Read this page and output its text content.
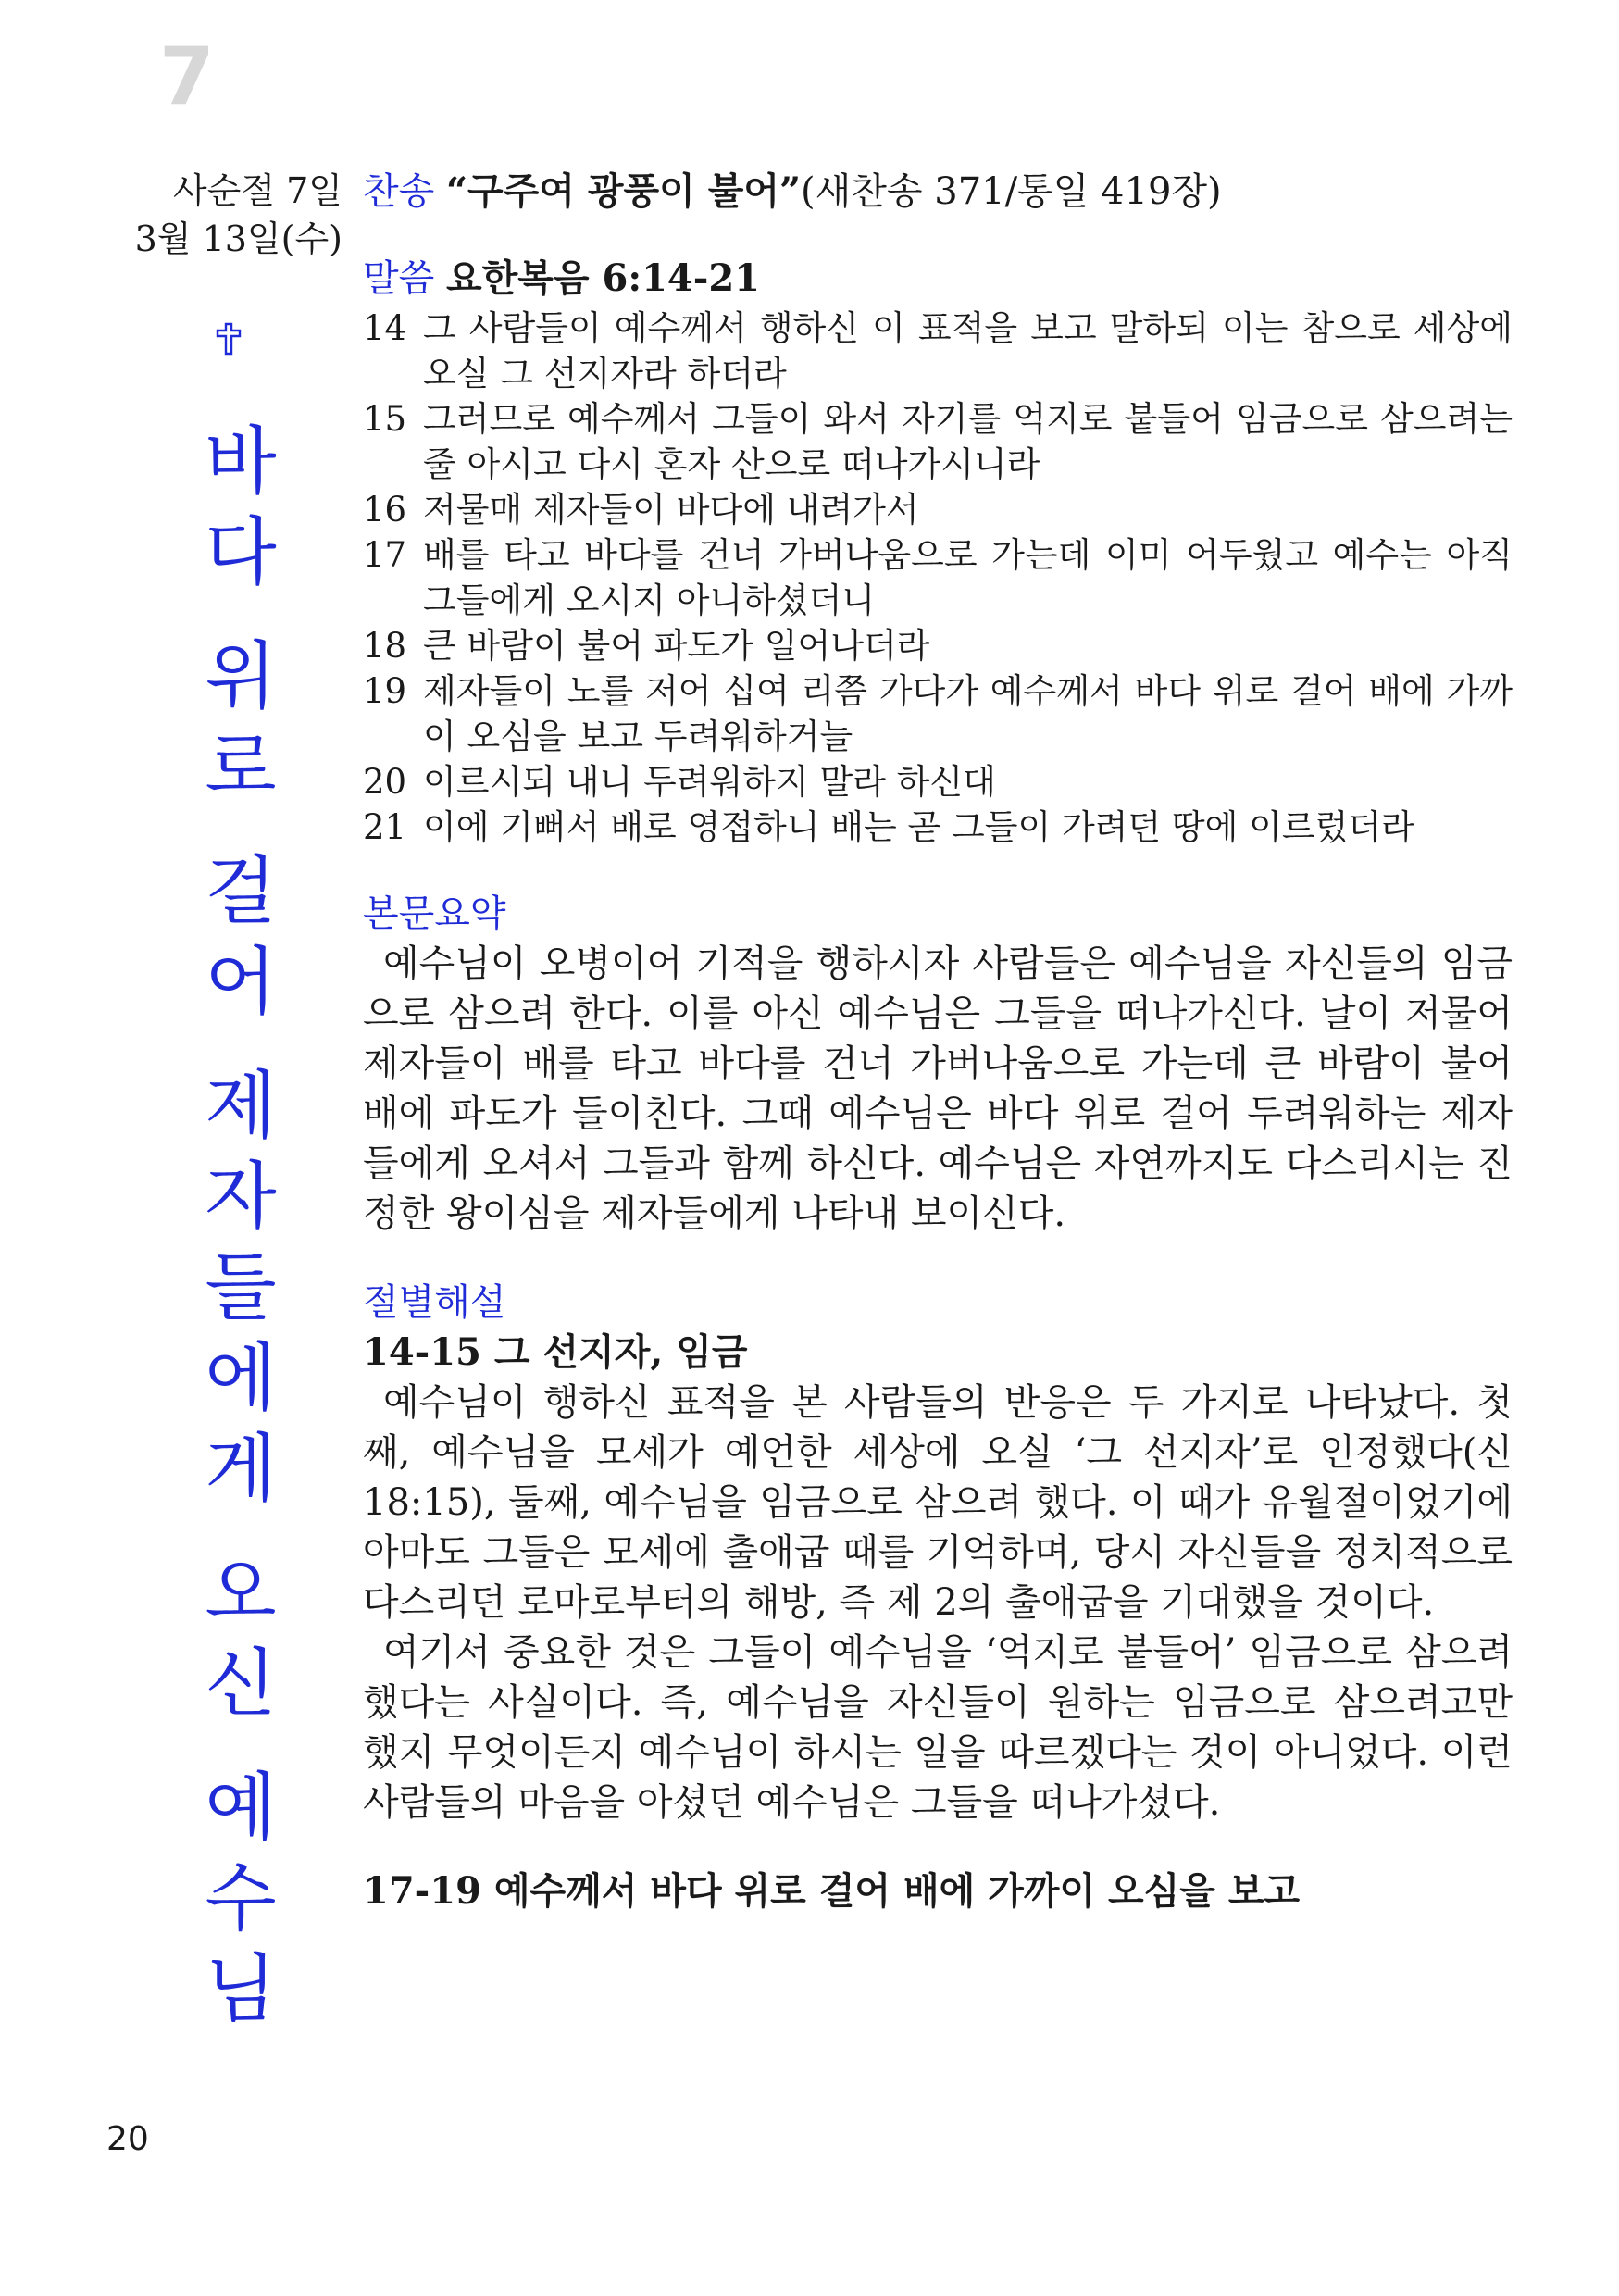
7
사순절 7일
3월 13일(수)
바
다
위
로
걸
어
제
자
들
에
게
오
신
예
수
님

찬송 “구주여 광풍이 불어”(새찬송 371/통일 419장)

말씀 요한복음 6:14-21
14 그 사람들이 예수께서 행하신 이 표적을 보고 말하되 이는 참으로 세상에 오실 그 선지자라 하더라
15 그러므로 예수께서 그들이 와서 자기를 억지로 붙들어 임금으로 삼으려는 줄 아시고 다시 혼자 산으로 떠나가시니라
16 저물매 제자들이 바다에 내려가서
17 배를 타고 바다를 건너 가버나움으로 가는데 이미 어두웠고 예수는 아직 그들에게 오시지 아니하셨더니
18 큰 바람이 불어 파도가 일어나더라
19 제자들이 노를 저어 십여 리쯤 가다가 예수께서 바다 위로 걸어 배에 가까이 오심을 보고 두려워하거늘
20 이르시되 내니 두려워하지 말라 하신대
21 이에 기뻐서 배로 영접하니 배는 곧 그들이 가려던 땅에 이르렀더라
본문요약

예수님이 오병이어 기적을 행하시자 사람들은 예수님을 자신들의 임금으로 삼으려 한다. 이를 아신 예수님은 그들을 떠나가신다. 날이 저물어 제자들이 배를 타고 바다를 건너 가버나움으로 가는데 큰 바람이 불어 배에 파도가 들이친다. 그때 예수님은 바다 위로 걸어 두려워하는 제자들에게 오셔서 그들과 함께 하신다. 예수님은 자연까지도 다스리시는 진정한 왕이심을 제자들에게 나타내 보이신다.

절별해설

14-15 그 선지자, 임금

예수님이 행하신 표적을 본 사람들의 반응은 두 가지로 나타났다. 첫째, 예수님을 모세가 예언한 세상에 오실 ‘그 선지자’로 인정했다(신 18:15), 둘째, 예수님을 임금으로 삼으려 했다. 이 때가 유월절이었기에 아마도 그들은 모세에 출애굽 때를 기억하며, 당시 자신들을 정치적으로 다스리던 로마로부터의 해방, 즉 제 2의 출애굽을 기대했을 것이다.

여기서 중요한 것은 그들이 예수님을 ‘억지로 붙들어’ 임금으로 삼으려 했다는 사실이다. 즉, 예수님을 자신들이 원하는 임금으로 삼으려고만 했지 무엇이든지 예수님이 하시는 일을 따르겠다는 것이 아니었다. 이런 사람들의 마음을 아셨던 예수님은 그들을 떠나가셨다.

17-19 예수께서 바다 위로 걸어 배에 가까이 오심을 보고

20
